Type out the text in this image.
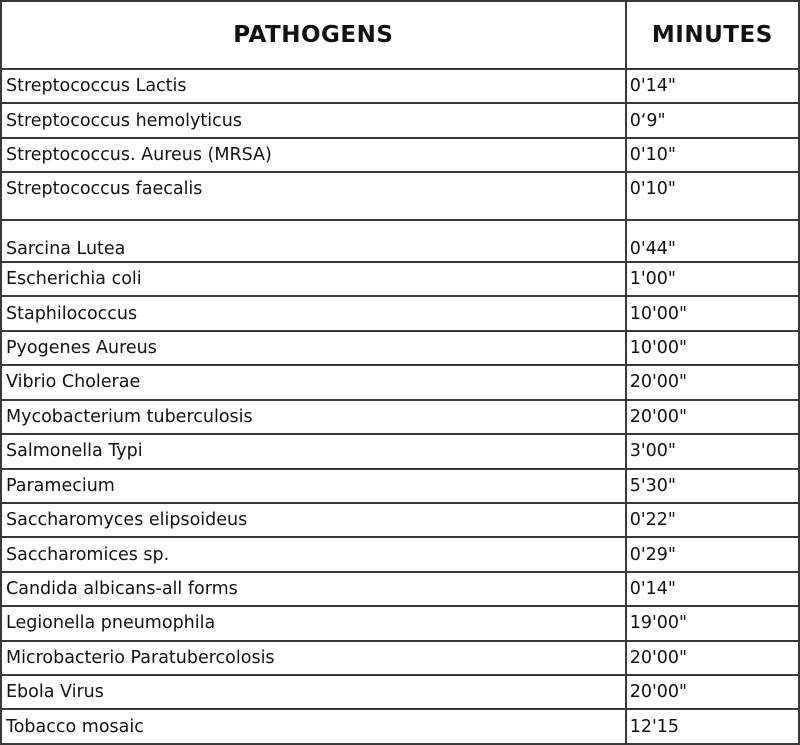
PATHOGENS	MINUTES
Streptococcus Lactis	0'14"
Streptococcus hemolyticus	0‘9"
Streptococcus. Aureus (MRSA)	0'10"
Streptococcus faecalis	0'10"
Sarcina Lutea	0'44"
Escherichia coli	1'00"
Staphilococcus	10'00"
Pyogenes Aureus	10'00"
Vibrio Cholerae	20'00"
Mycobacterium tuberculosis	20'00"
Salmonella Typi	3'00"
Paramecium	5'30"
Saccharomyces elipsoideus	0'22"
Saccharomices sp.	0'29"
Candida albicans-all forms	0'14"
Legionella pneumophila	19'00"
Microbacterio Paratubercolosis	20'00"
Ebola Virus	20'00"
Tobacco mosaic	12'15
